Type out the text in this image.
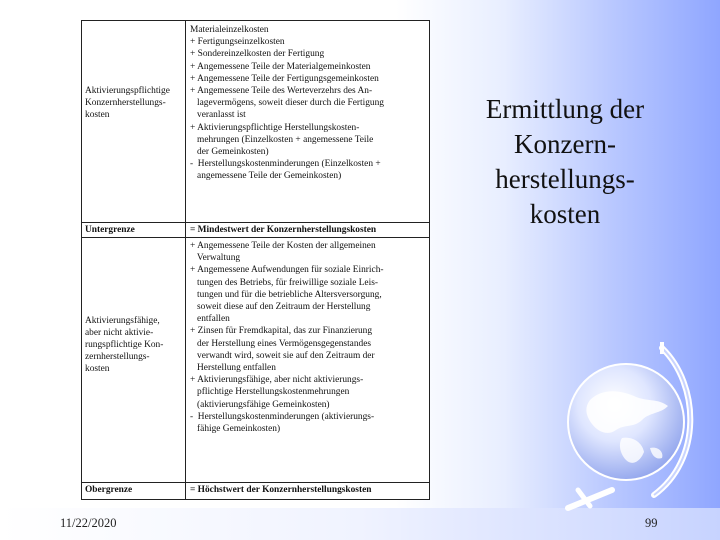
Aktivierungspflichtige
Konzernherstellungs-
kosten
Untergrenze
Aktivierungsfähige,
aber nicht aktivie-
rungspflichtige Kon-
zernherstellungs-
kosten
Obergrenze
Materialeinzelkosten
+ Fertigungseinzelkosten
+ Sondereinzelkosten der Fertigung
+ Angemessene Teile der Materialgemeinkosten
+ Angemessene Teile der Fertigungsgemeinkosten
+ Angemessene Teile des Werteverzehrs des An-
lagevermögens, soweit dieser durch die Fertigung
veranlasst ist
+ Aktivierungspflichtige Herstellungskosten-
mehrungen (Einzelkosten + angemessene Teile
der Gemeinkosten)
-  Herstellungskostenminderungen (Einzelkosten +
angemessene Teile der Gemeinkosten)
= Mindestwert der Konzernherstellungskosten
+ Angemessene Teile der Kosten der allgemeinen
Verwaltung
+ Angemessene Aufwendungen für soziale Einrich-
tungen des Betriebs, für freiwillige soziale Leis-
tungen und für die betriebliche Altersversorgung,
soweit diese auf den Zeitraum der Herstellung
entfallen
+ Zinsen für Fremdkapital, das zur Finanzierung
der Herstellung eines Vermögensgegenstandes
verwandt wird, soweit sie auf den Zeitraum der
Herstellung entfallen
+ Aktivierungsfähige, aber nicht aktivierungs-
pflichtige Herstellungskostenmehrungen
(aktivierungsfähige Gemeinkosten)
-  Herstellungskostenminderungen (aktivierungs-
fähige Gemeinkosten)
= Höchstwert der Konzernherstellungskosten
Ermittlung der
Konzern-
herstellungs-
kosten
11/22/2020	99
